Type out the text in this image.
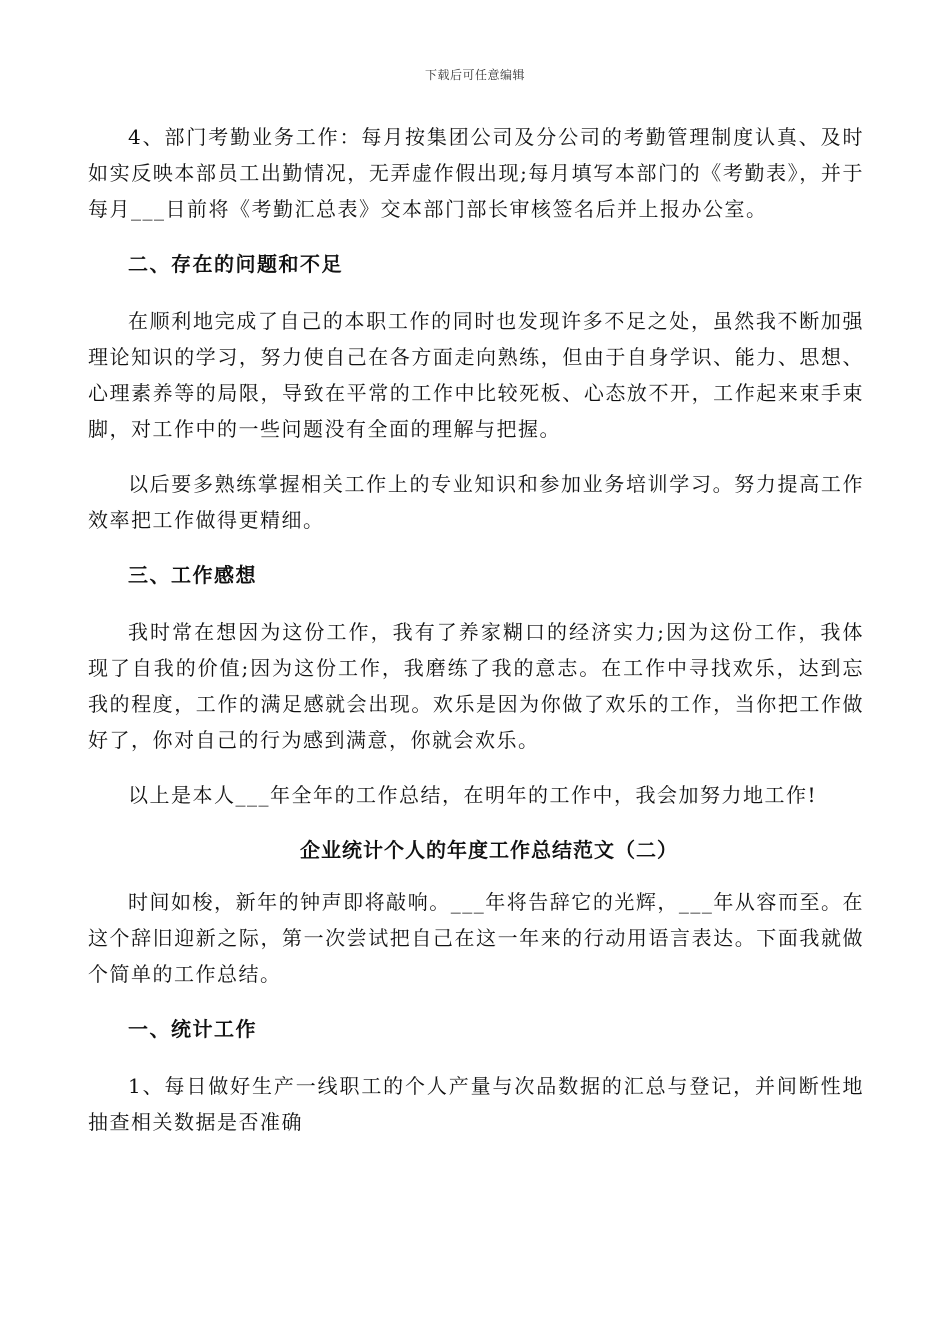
下载后可任意编辑

4、部门考勤业务工作：每月按集团公司及分公司的考勤管理制度认真、及时如实反映本部员工出勤情况，无弄虚作假出现;每月填写本部门的《考勤表》，并于每月___日前将《考勤汇总表》交本部门部长审核签名后并上报办公室。

二、存在的问题和不足

在顺利地完成了自己的本职工作的同时也发现许多不足之处，虽然我不断加强理论知识的学习，努力使自己在各方面走向熟练，但由于自身学识、能力、思想、心理素养等的局限，导致在平常的工作中比较死板、心态放不开，工作起来束手束脚，对工作中的一些问题没有全面的理解与把握。

以后要多熟练掌握相关工作上的专业知识和参加业务培训学习。努力提高工作效率把工作做得更精细。

三、工作感想

我时常在想因为这份工作，我有了养家糊口的经济实力;因为这份工作，我体现了自我的价值;因为这份工作，我磨练了我的意志。在工作中寻找欢乐，达到忘我的程度，工作的满足感就会出现。欢乐是因为你做了欢乐的工作，当你把工作做好了，你对自己的行为感到满意，你就会欢乐。

以上是本人___年全年的工作总结，在明年的工作中，我会加努力地工作!

企业统计个人的年度工作总结范文（二）

时间如梭，新年的钟声即将敲响。___年将告辞它的光辉，___年从容而至。在这个辞旧迎新之际，第一次尝试把自己在这一年来的行动用语言表达。下面我就做个简单的工作总结。

一、统计工作

1、每日做好生产一线职工的个人产量与次品数据的汇总与登记，并间断性地抽查相关数据是否准确
